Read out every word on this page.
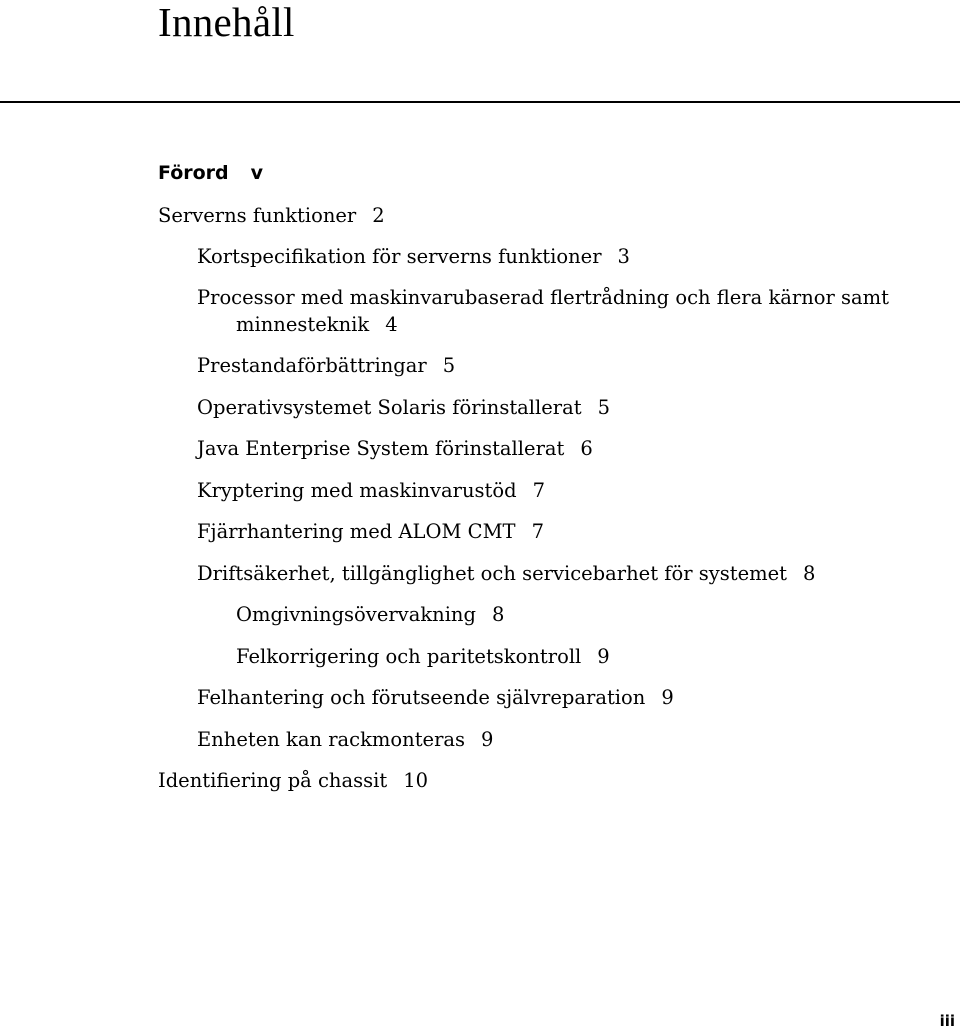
Innehåll
Förord v
Serverns funktioner 2
Kortspecifikation för serverns funktioner 3
Processor med maskinvarubaserad flertrådning och flera kärnor samt
minnesteknik 4
Prestandaförbättringar 5
Operativsystemet Solaris förinstallerat 5
Java Enterprise System förinstallerat 6
Kryptering med maskinvarustöd 7
Fjärrhantering med ALOM CMT 7
Driftsäkerhet, tillgänglighet och servicebarhet för systemet 8
Omgivningsövervakning 8
Felkorrigering och paritetskontroll 9
Felhantering och förutseende självreparation 9
Enheten kan rackmonteras 9
Identifiering på chassit 10
iii
